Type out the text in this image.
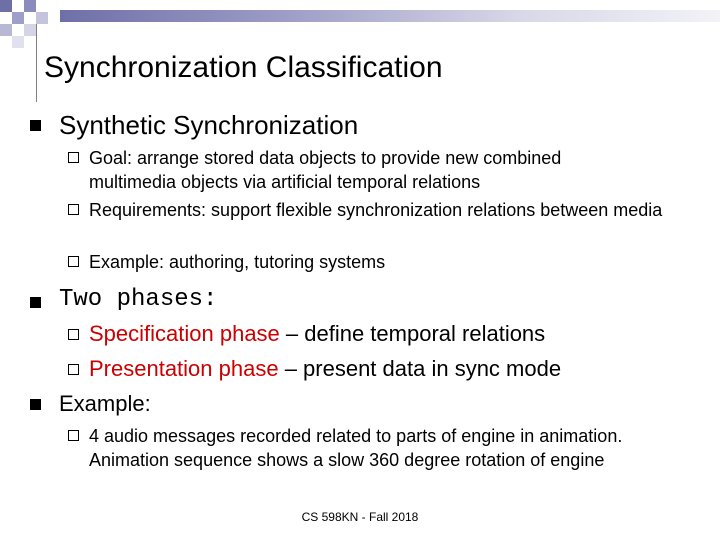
Synchronization Classification
Synthetic Synchronization
Goal: arrange stored data objects to provide new combined multimedia objects via artificial temporal relations
Requirements: support flexible synchronization relations between media
Example: authoring, tutoring systems
Two phases:
Specification phase – define temporal relations
Presentation phase – present data in sync mode
Example:
4 audio messages recorded related to parts of engine in animation. Animation sequence shows a slow 360 degree rotation of engine
CS 598KN - Fall 2018
